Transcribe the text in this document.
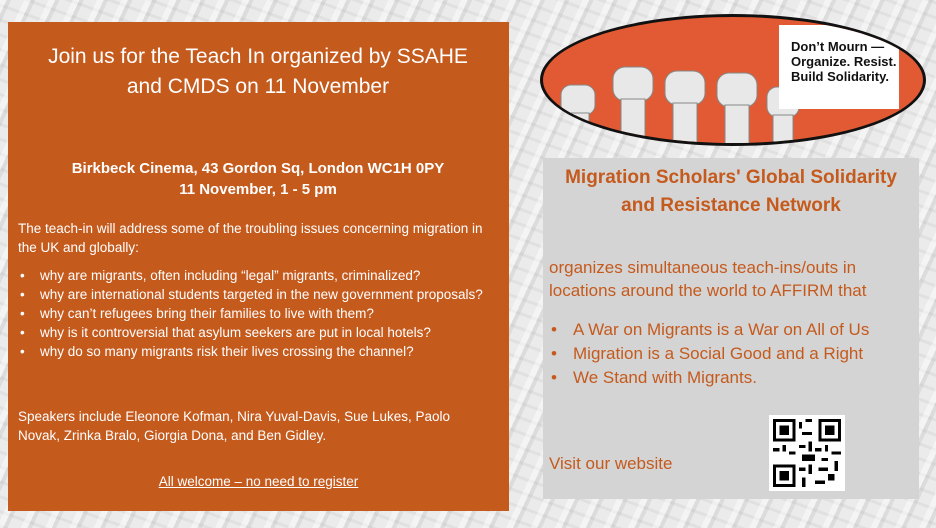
Join us for the Teach In organized by SSAHE
and CMDS on 11 November
Birkbeck Cinema, 43 Gordon Sq, London WC1H 0PY
11 November, 1 - 5 pm
The teach-in will address some of the troubling issues concerning migration in the UK and globally:
• why are migrants, often including “legal” migrants, criminalized?
• why are international students targeted in the new government proposals?
• why can’t refugees bring their families to live with them?
• why is it controversial that asylum seekers are put in local hotels?
• why do so many migrants risk their lives crossing the channel?
Speakers include Eleonore Kofman, Nira Yuval-Davis, Sue Lukes, Paolo Novak, Zrinka Bralo, Giorgia Dona, and Ben Gidley.
All welcome – no need to register
Don’t Mourn —
Organize. Resist.
Build Solidarity.
Migration Scholars' Global Solidarity and Resistance Network
organizes simultaneous teach-ins/outs in locations around the world to AFFIRM that
• A War on Migrants is a War on All of Us
• Migration is a Social Good and a Right
• We Stand with Migrants.
Visit our website
